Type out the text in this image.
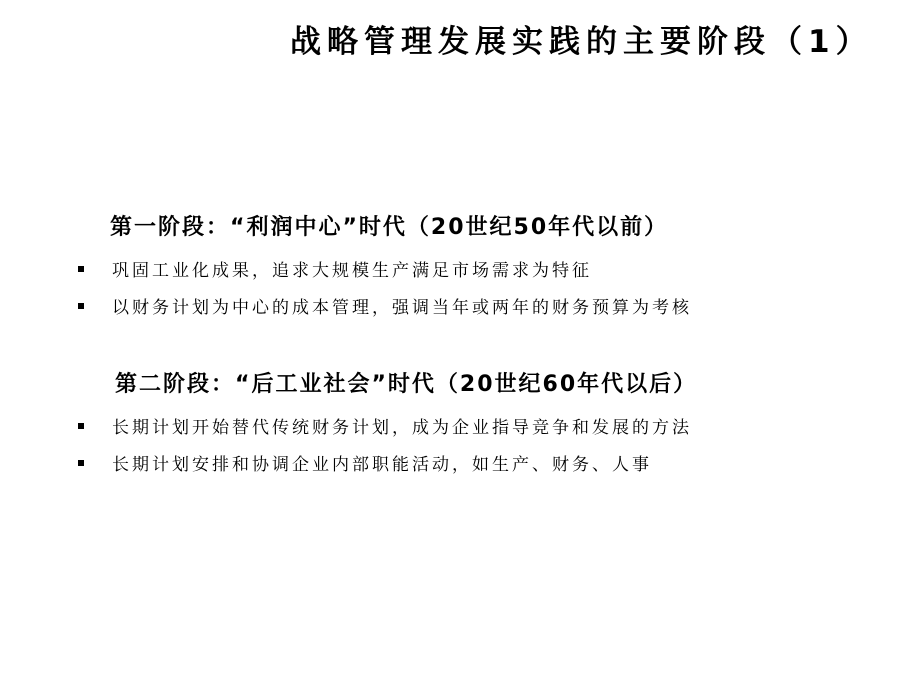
战略管理发展实践的主要阶段（1）
第一阶段：“利润中心”时代（20世纪50年代以前）
巩固工业化成果，追求大规模生产满足市场需求为特征
以财务计划为中心的成本管理，强调当年或两年的财务预算为考核
第二阶段：“后工业社会”时代（20世纪60年代以后）
长期计划开始替代传统财务计划，成为企业指导竞争和发展的方法
长期计划安排和协调企业内部职能活动，如生产、财务、人事
